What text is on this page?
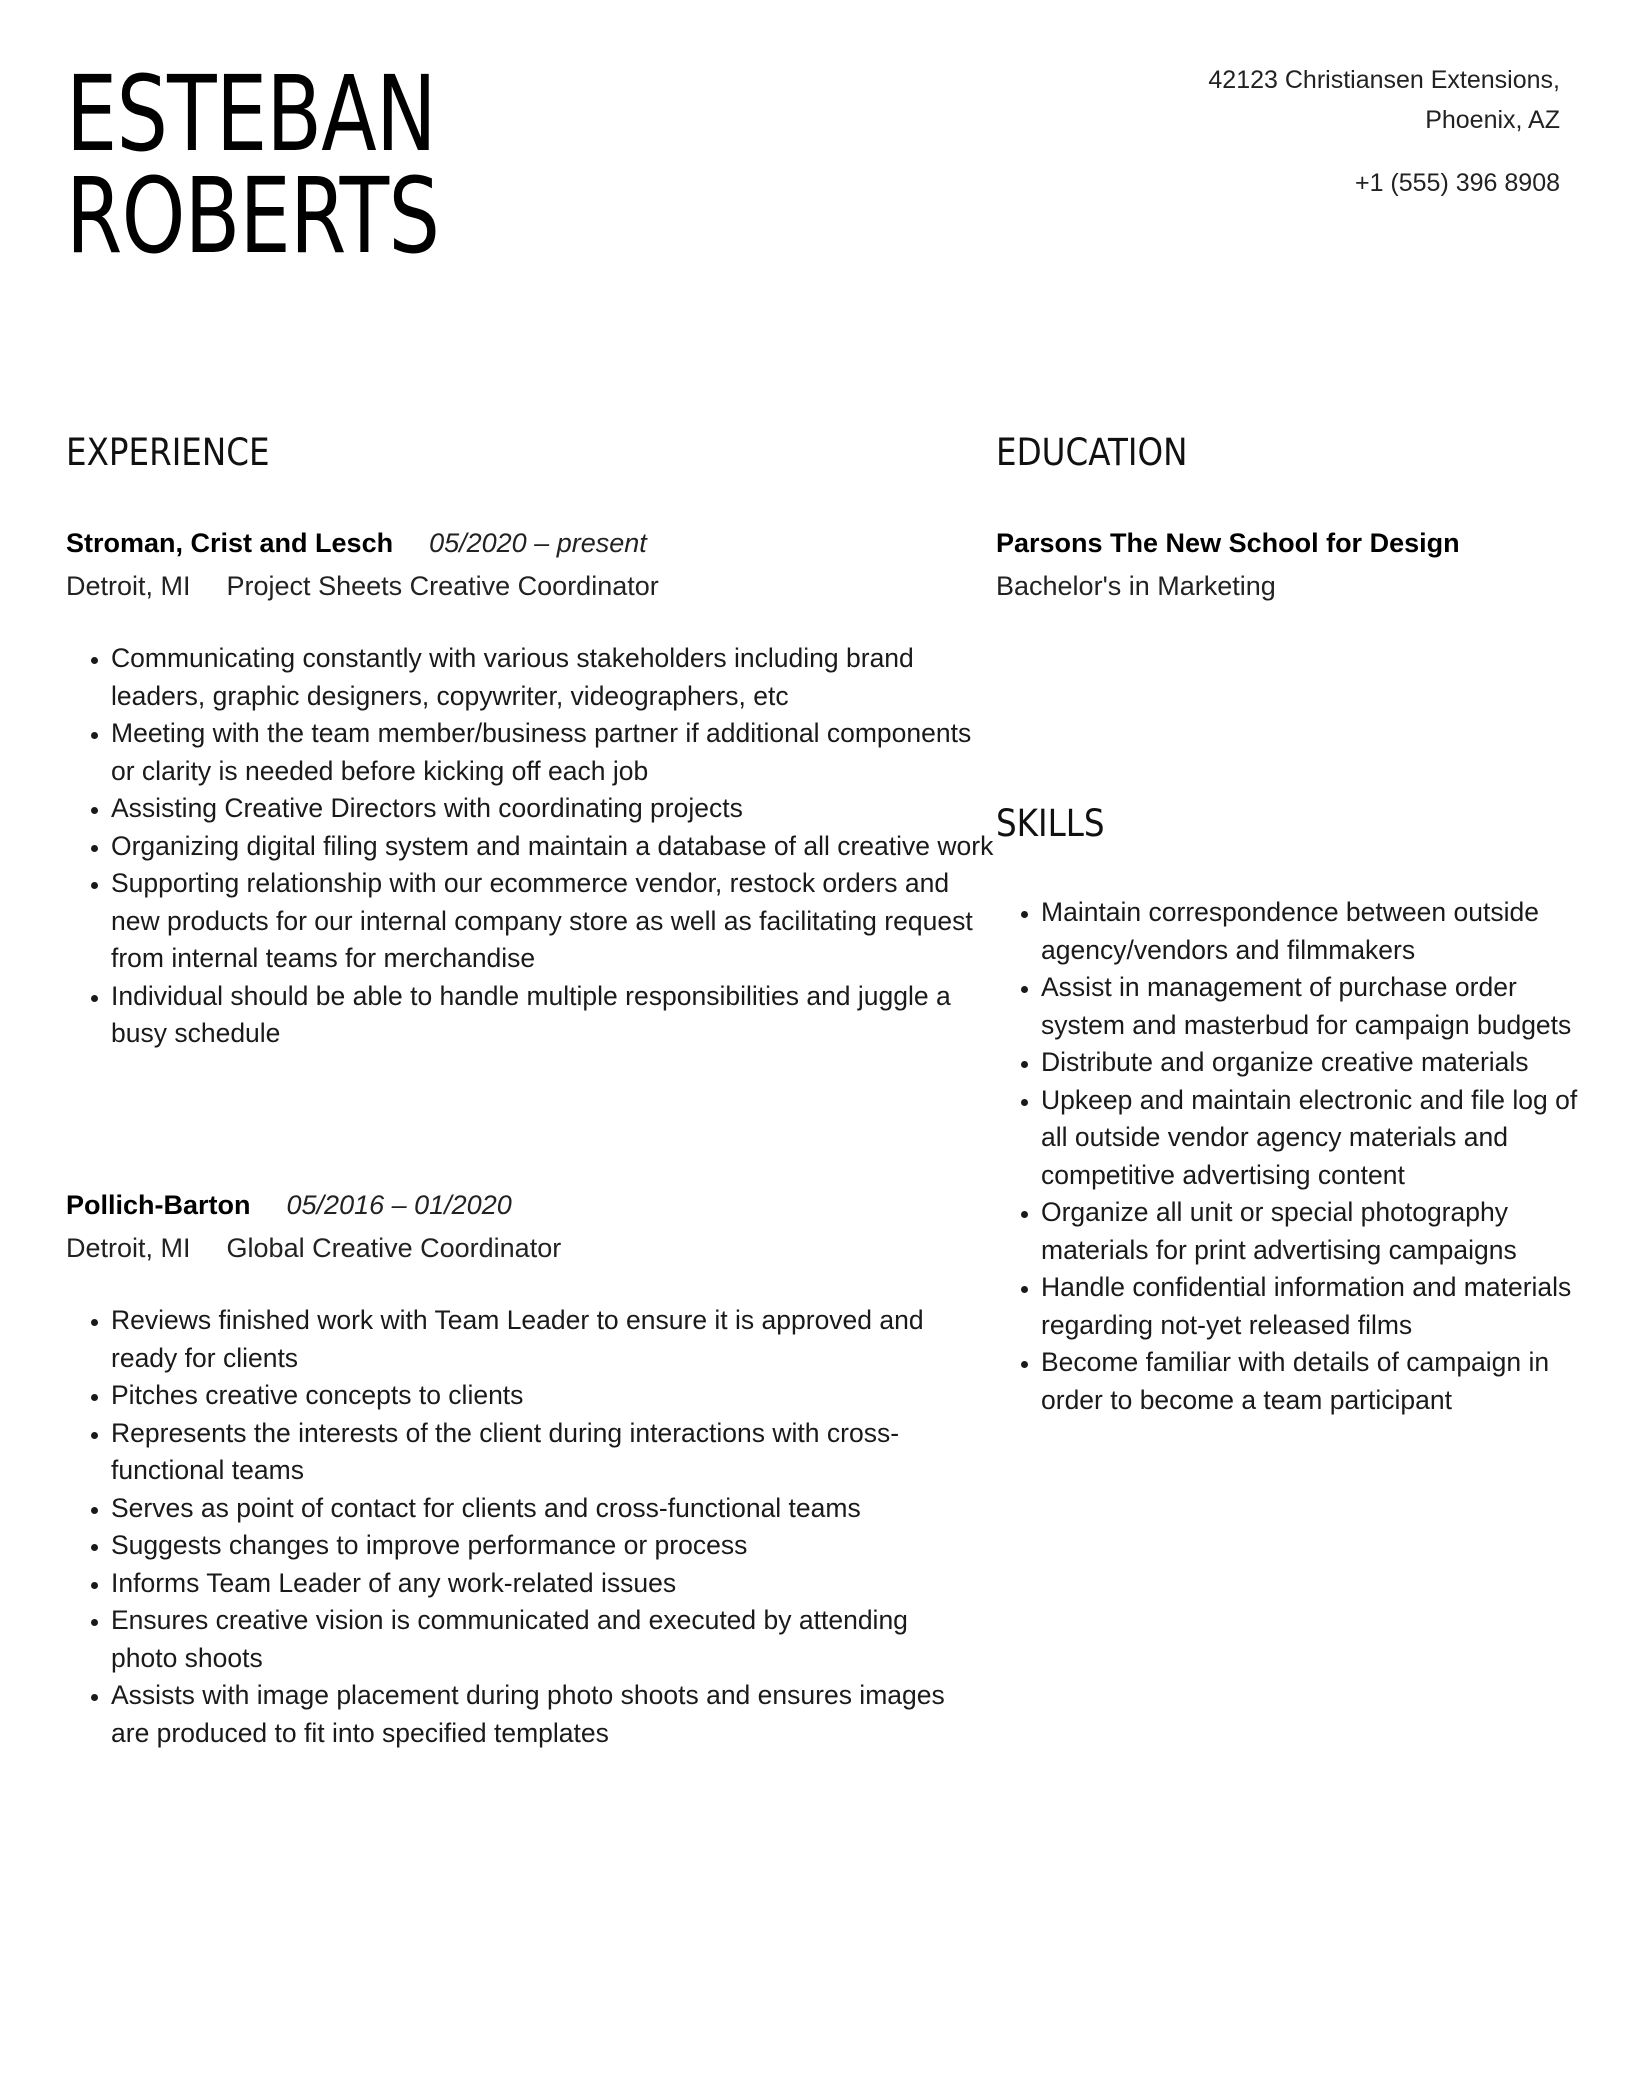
ESTEBAN
ROBERTS
42123 Christiansen Extensions,
Phoenix, AZ
+1 (555) 396 8908
EXPERIENCE
Stroman, Crist and Lesch 05/2020 – present
Detroit, MI Project Sheets Creative Coordinator
• Communicating constantly with various stakeholders including brand leaders, graphic designers, copywriter, videographers, etc
• Meeting with the team member/business partner if additional components or clarity is needed before kicking off each job
• Assisting Creative Directors with coordinating projects
• Organizing digital filing system and maintain a database of all creative work
• Supporting relationship with our ecommerce vendor, restock orders and new products for our internal company store as well as facilitating request from internal teams for merchandise
• Individual should be able to handle multiple responsibilities and juggle a busy schedule
Pollich-Barton 05/2016 – 01/2020
Detroit, MI Global Creative Coordinator
• Reviews finished work with Team Leader to ensure it is approved and ready for clients
• Pitches creative concepts to clients
• Represents the interests of the client during interactions with cross-functional teams
• Serves as point of contact for clients and cross-functional teams
• Suggests changes to improve performance or process
• Informs Team Leader of any work-related issues
• Ensures creative vision is communicated and executed by attending photo shoots
• Assists with image placement during photo shoots and ensures images are produced to fit into specified templates
EDUCATION
Parsons The New School for Design
Bachelor's in Marketing
SKILLS
• Maintain correspondence between outside agency/vendors and filmmakers
• Assist in management of purchase order system and masterbud for campaign budgets
• Distribute and organize creative materials
• Upkeep and maintain electronic and file log of all outside vendor agency materials and competitive advertising content
• Organize all unit or special photography materials for print advertising campaigns
• Handle confidential information and materials regarding not-yet released films
• Become familiar with details of campaign in order to become a team participant
